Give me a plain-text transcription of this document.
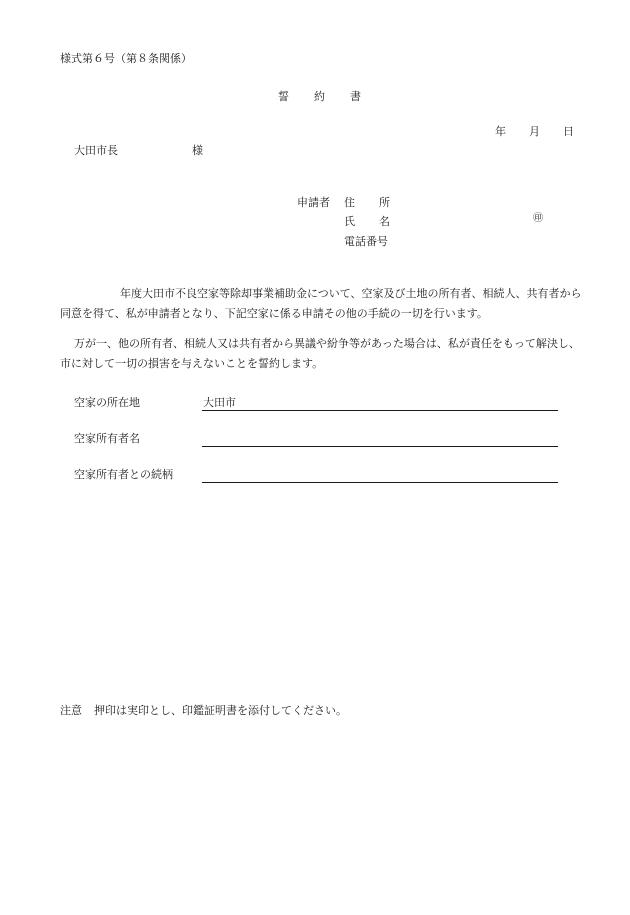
様式第６号（第８条関係）
誓 約 書
年 月 日
大田市長	様
申請者 住 所
氏 名	㊞
電話番号
年度大田市不良空家等除却事業補助金について、空家及び土地の所有者、相続人、共有者から同意を得て、私が申請者となり、下記空家に係る申請その他の手続の一切を行います。
万が一、他の所有者、相続人又は共有者から異議や紛争等があった場合は、私が責任をもって解決し、市に対して一切の損害を与えないことを誓約します。
空家の所在地	大田市
空家所有者名
空家所有者との続柄
注意 押印は実印とし、印鑑証明書を添付してください。
